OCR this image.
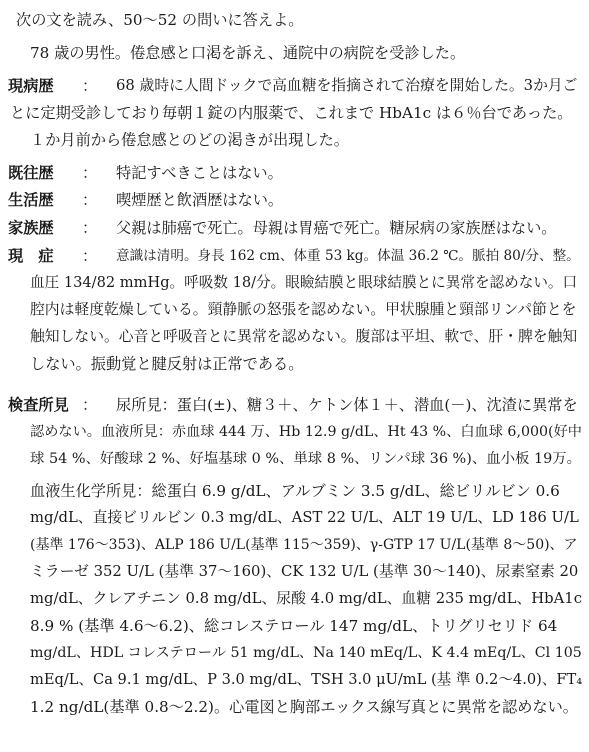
次の文を読み、50～52 の問いに答えよ。
78 歳の男性。倦怠感と口渇を訴え、通院中の病院を受診した。
現病歴 ： 68 歳時に人間ドックで高血糖を指摘されて治療を開始した。3か月ご
とに定期受診しており毎朝１錠の内服薬で、これまで HbA1c は６％台であった。
１か月前から倦怠感とのどの渇きが出現した。
既往歴 ： 特記すべきことはない。
生活歴 ： 喫煙歴と飲酒歴はない。
家族歴 ： 父親は肺癌で死亡。母親は胃癌で死亡。糖尿病の家族歴はない。
現　症 ： 意識は清明。身長 162 cm、体重 53 kg。体温 36.2 ℃。脈拍 80/分、整。
血圧 134/82 mmHg。呼吸数 18/分。眼瞼結膜と眼球結膜とに異常を認めない。口
腔内は軽度乾燥している。頸静脈の怒張を認めない。甲状腺腫と頸部リンパ節とを
触知しない。心音と呼吸音とに異常を認めない。腹部は平坦、軟で、肝・脾を触知
しない。振動覚と腱反射は正常である。
検査所見 ： 尿所見：蛋白(±)、糖３＋、ケトン体１＋、潜血(－)、沈渣に異常を
認めない。血液所見：赤血球 444 万、Hb 12.9 g/dL、Ht 43 %、白血球 6,000(好中
球 54 %、好酸球 2 %、好塩基球 0 %、単球 8 %、リンパ球 36 %)、血小板 19万。
血液生化学所見：総蛋白 6.9 g/dL、アルブミン 3.5 g/dL、総ビリルビン 0.6
mg/dL、直接ビリルビン 0.3 mg/dL、AST 22 U/L、ALT 19 U/L、LD 186 U/L
(基準 176～353)、ALP 186 U/L(基準 115～359)、γ-GTP 17 U/L(基準 8～50)、ア
ミラーゼ 352 U/L (基準 37～160)、CK 132 U/L (基準 30～140)、尿素窒素 20
mg/dL、クレアチニン 0.8 mg/dL、尿酸 4.0 mg/dL、血糖 235 mg/dL、HbA1c
8.9 % (基準 4.6～6.2)、総コレステロール 147 mg/dL、トリグリセリド 64
mg/dL、HDL コレステロール 51 mg/dL、Na 140 mEq/L、K 4.4 mEq/L、Cl 105
mEq/L、Ca 9.1 mg/dL、P 3.0 mg/dL、TSH 3.0 μU/mL (基 準 0.2～4.0)、FT₄
1.2 ng/dL(基準 0.8～2.2)。心電図と胸部エックス線写真とに異常を認めない。
